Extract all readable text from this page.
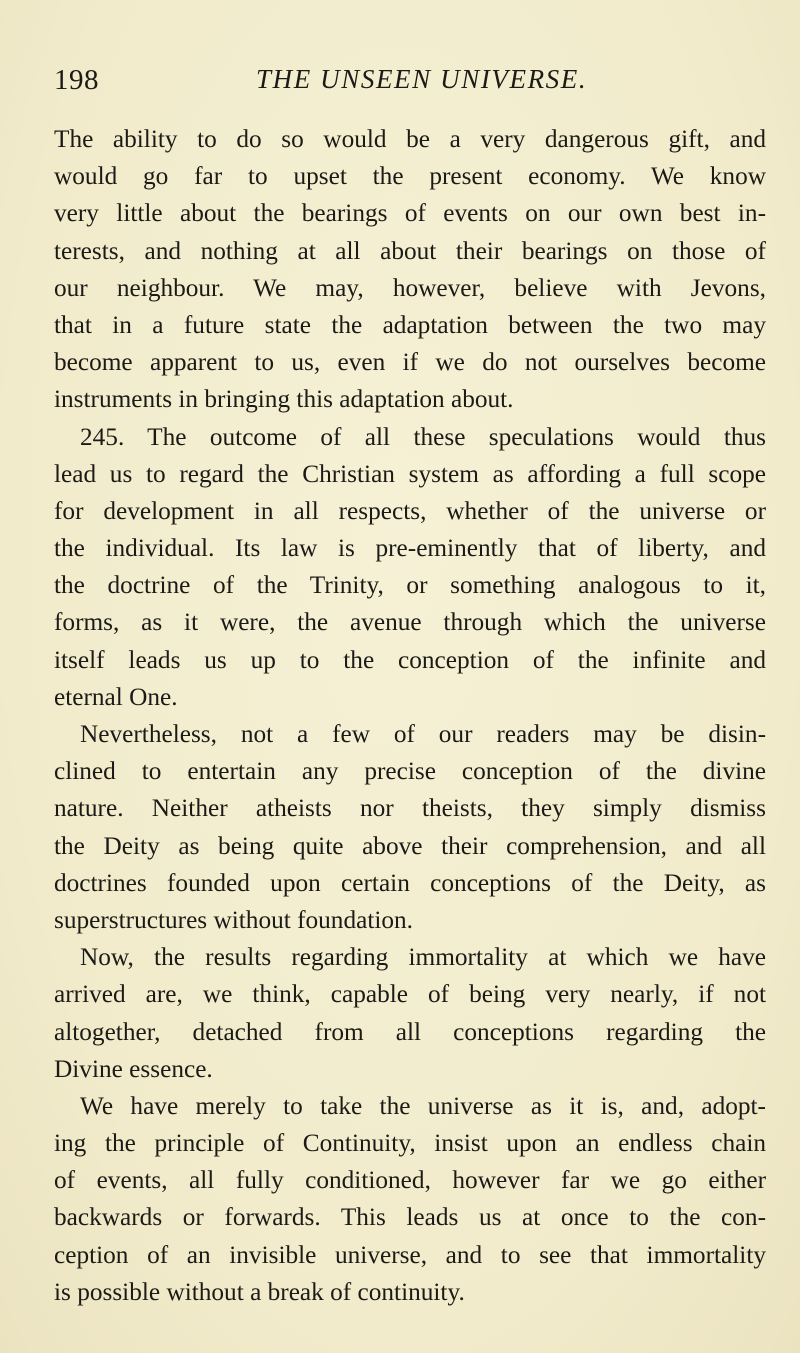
198	THE UNSEEN UNIVERSE.
The ability to do so would be a very dangerous gift, and
would go far to upset the present economy. We know
very little about the bearings of events on our own best in-
terests, and nothing at all about their bearings on those of
our neighbour. We may, however, believe with Jevons,
that in a future state the adaptation between the two may
become apparent to us, even if we do not ourselves become
instruments in bringing this adaptation about.
245. The outcome of all these speculations would thus
lead us to regard the Christian system as affording a full scope
for development in all respects, whether of the universe or
the individual. Its law is pre-eminently that of liberty, and
the doctrine of the Trinity, or something analogous to it,
forms, as it were, the avenue through which the universe
itself leads us up to the conception of the infinite and
eternal One.
Nevertheless, not a few of our readers may be disin-
clined to entertain any precise conception of the divine
nature. Neither atheists nor theists, they simply dismiss
the Deity as being quite above their comprehension, and all
doctrines founded upon certain conceptions of the Deity, as
superstructures without foundation.
Now, the results regarding immortality at which we have
arrived are, we think, capable of being very nearly, if not
altogether, detached from all conceptions regarding the
Divine essence.
We have merely to take the universe as it is, and, adopt-
ing the principle of Continuity, insist upon an endless chain
of events, all fully conditioned, however far we go either
backwards or forwards. This leads us at once to the con-
ception of an invisible universe, and to see that immortality
is possible without a break of continuity.
